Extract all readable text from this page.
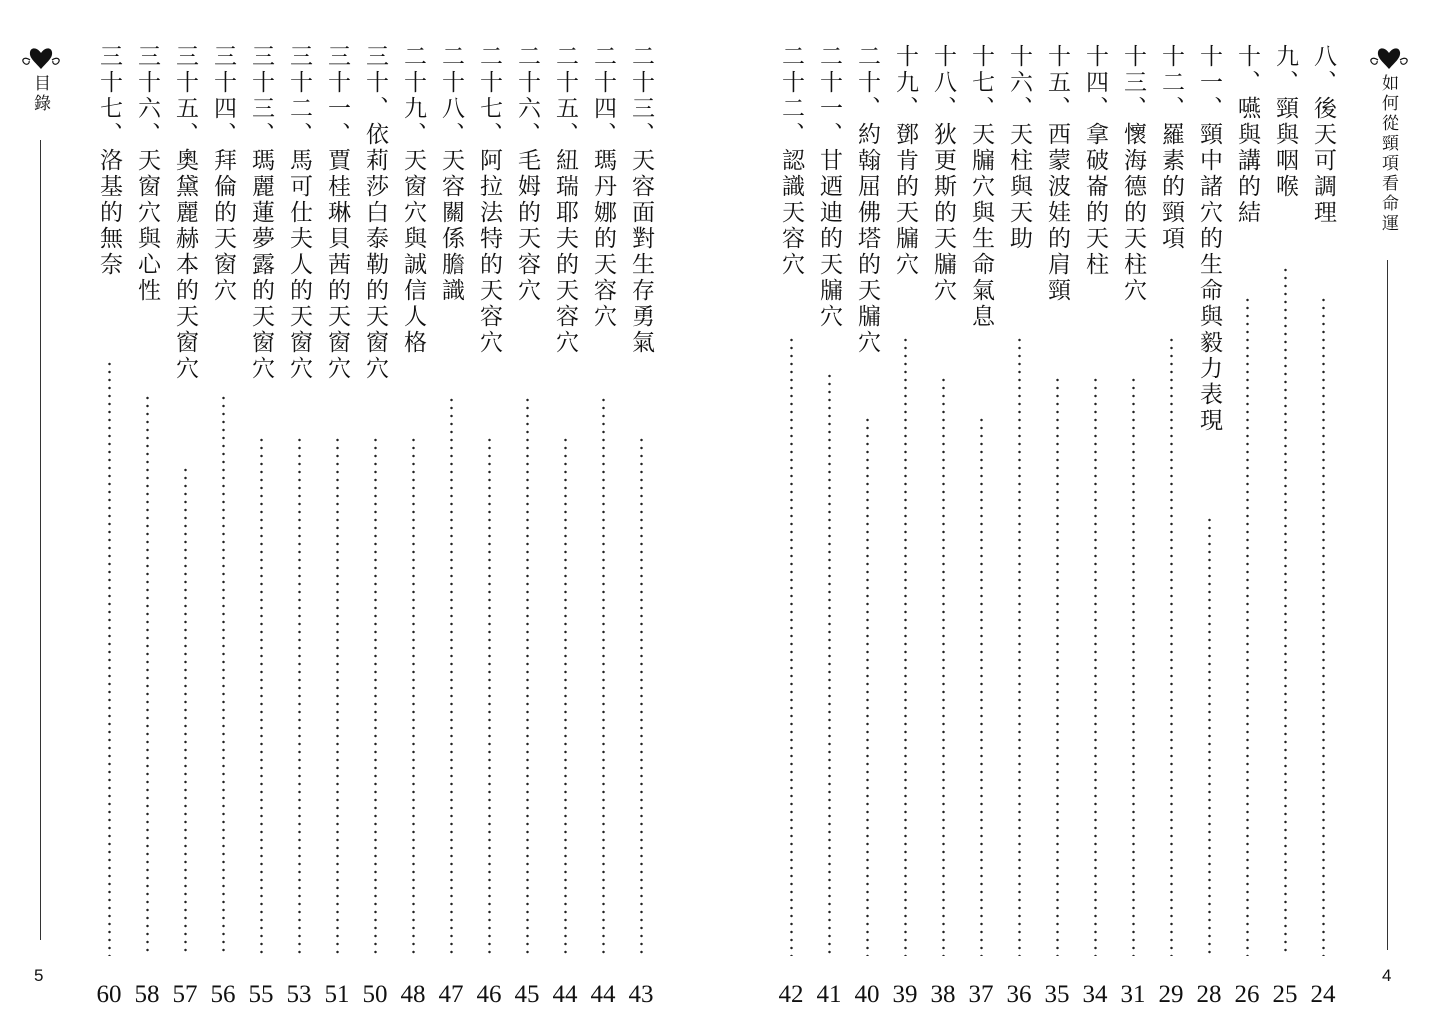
目錄
5
三十七、洛基的無奈
60
三十六、天窗穴與心性
58
三十五、奧黛麗赫本的天窗穴
57
三十四、拜倫的天窗穴
56
三十三、瑪麗蓮夢露的天窗穴
55
三十二、馬可仕夫人的天窗穴
53
三十一、賈桂琳貝茜的天窗穴
51
三十、依莉莎白泰勒的天窗穴
50
二十九、天窗穴與誠信人格
48
二十八、天容關係膽識
47
二十七、阿拉法特的天容穴
46
二十六、毛姆的天容穴
45
二十五、紐瑞耶夫的天容穴
44
二十四、瑪丹娜的天容穴
44
二十三、天容面對生存勇氣
43
二十二、認識天容穴
42
二十一、甘迺迪的天牖穴
41
二十、約翰屈佛塔的天牖穴
40
十九、鄧肯的天牖穴
39
十八、狄更斯的天牖穴
38
十七、天牖穴與生命氣息
37
十六、天柱與天助
36
十五、西蒙波娃的肩頸
35
十四、拿破崙的天柱
34
十三、懷海德的天柱穴
31
十二、羅素的頸項
29
十一、頸中諸穴的生命與毅力表現
28
十、嚥與講的結
26
九、頸與咽喉
25
八、後天可調理
24
如何從頸項看命運
4
